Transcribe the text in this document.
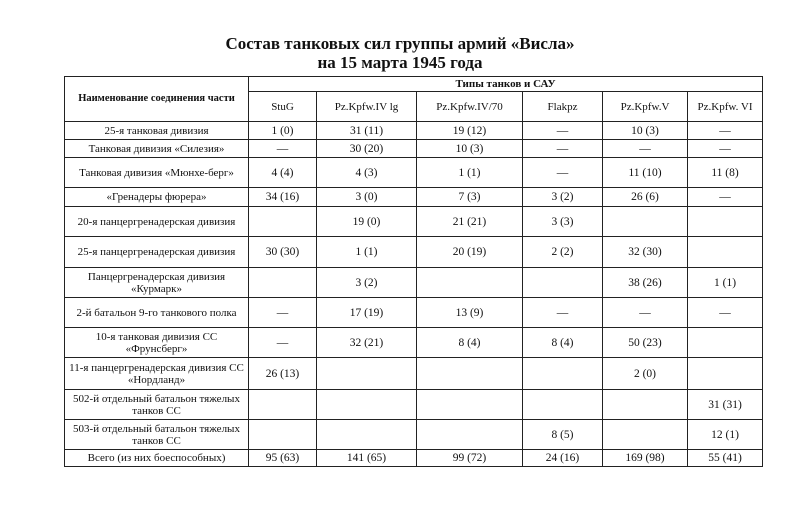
Состав танковых сил группы армий «Висла»
на 15 марта 1945 года
Наименование соединения части	Типы танков и САУ					
	StuG	Pz.Kpfw.IV lg	Pz.Kpfw.IV/70	Flakpz	Pz.Kpfw.V	Pz.Kpfw. VI
25-я танковая дивизия	1 (0)	31 (11)	19 (12)	—	10 (3)	—
Танковая дивизия «Силезия»	—	30 (20)	10 (3)	—	—	—
Танковая дивизия «Мюнхе-берг»	4 (4)	4 (3)	1 (1)	—	11 (10)	11 (8)
«Гренадеры фюрера»	34 (16)	3 (0)	7 (3)	3 (2)	26 (6)	—
20-я панцергренадерская дивизия		19 (0)	21 (21)	3 (3)		
25-я панцергренадерская дивизия	30 (30)	1 (1)	20 (19)	2 (2)	32 (30)	
Панцергренадерская дивизия «Курмарк»		3 (2)			38 (26)	1 (1)
2-й батальон 9-го танкового полка	—	17 (19)	13 (9)	—	—	—
10-я танковая дивизия СС «Фрунсберг»	—	32 (21)	8 (4)	8 (4)	50 (23)	
11-я панцергренадерская дивизия СС «Нордланд»	26 (13)				2 (0)	
502-й отдельный батальон тяжелых танков СС						31 (31)
503-й отдельный батальон тяжелых танков СС				8 (5)		12 (1)
Всего (из них боеспособных)	95 (63)	141 (65)	99 (72)	24 (16)	169 (98)	55 (41)
